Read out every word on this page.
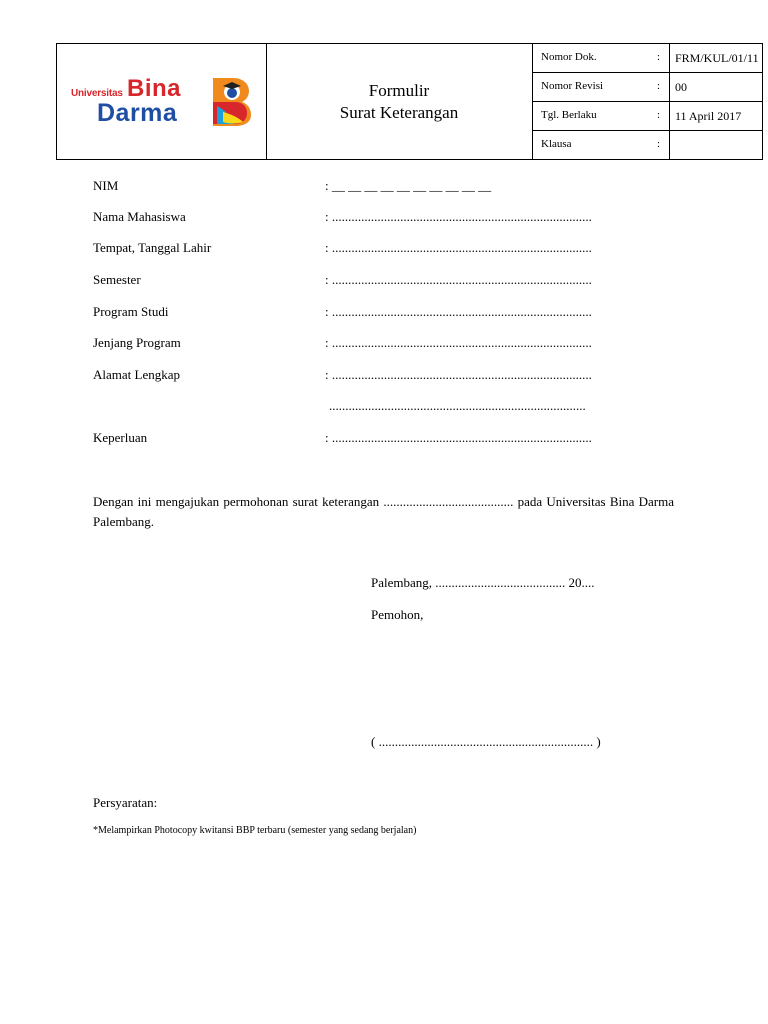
Universitas Bina
Darma
Formulir
Surat Keterangan
Nomor Dok.	:	FRM/KUL/01/11
Nomor Revisi	:	00
Tgl. Berlaku	:	11 April 2017
Klausa	:
NIM	: __ __ __ __ __ __ __ __ __ __
Nama Mahasiswa	: ................................................................................
Tempat, Tanggal Lahir	: ................................................................................
Semester	: ................................................................................
Program Studi	: ................................................................................
Jenjang Program	: ................................................................................
Alamat Lengkap	: ................................................................................
...............................................................................
Keperluan	: ................................................................................
Dengan ini mengajukan permohonan surat keterangan ........................................ pada Universitas Bina Darma Palembang.
Palembang, ........................................ 20....
Pemohon,
( .................................................................. )
Persyaratan:
*Melampirkan Photocopy kwitansi BBP terbaru (semester yang sedang berjalan)
